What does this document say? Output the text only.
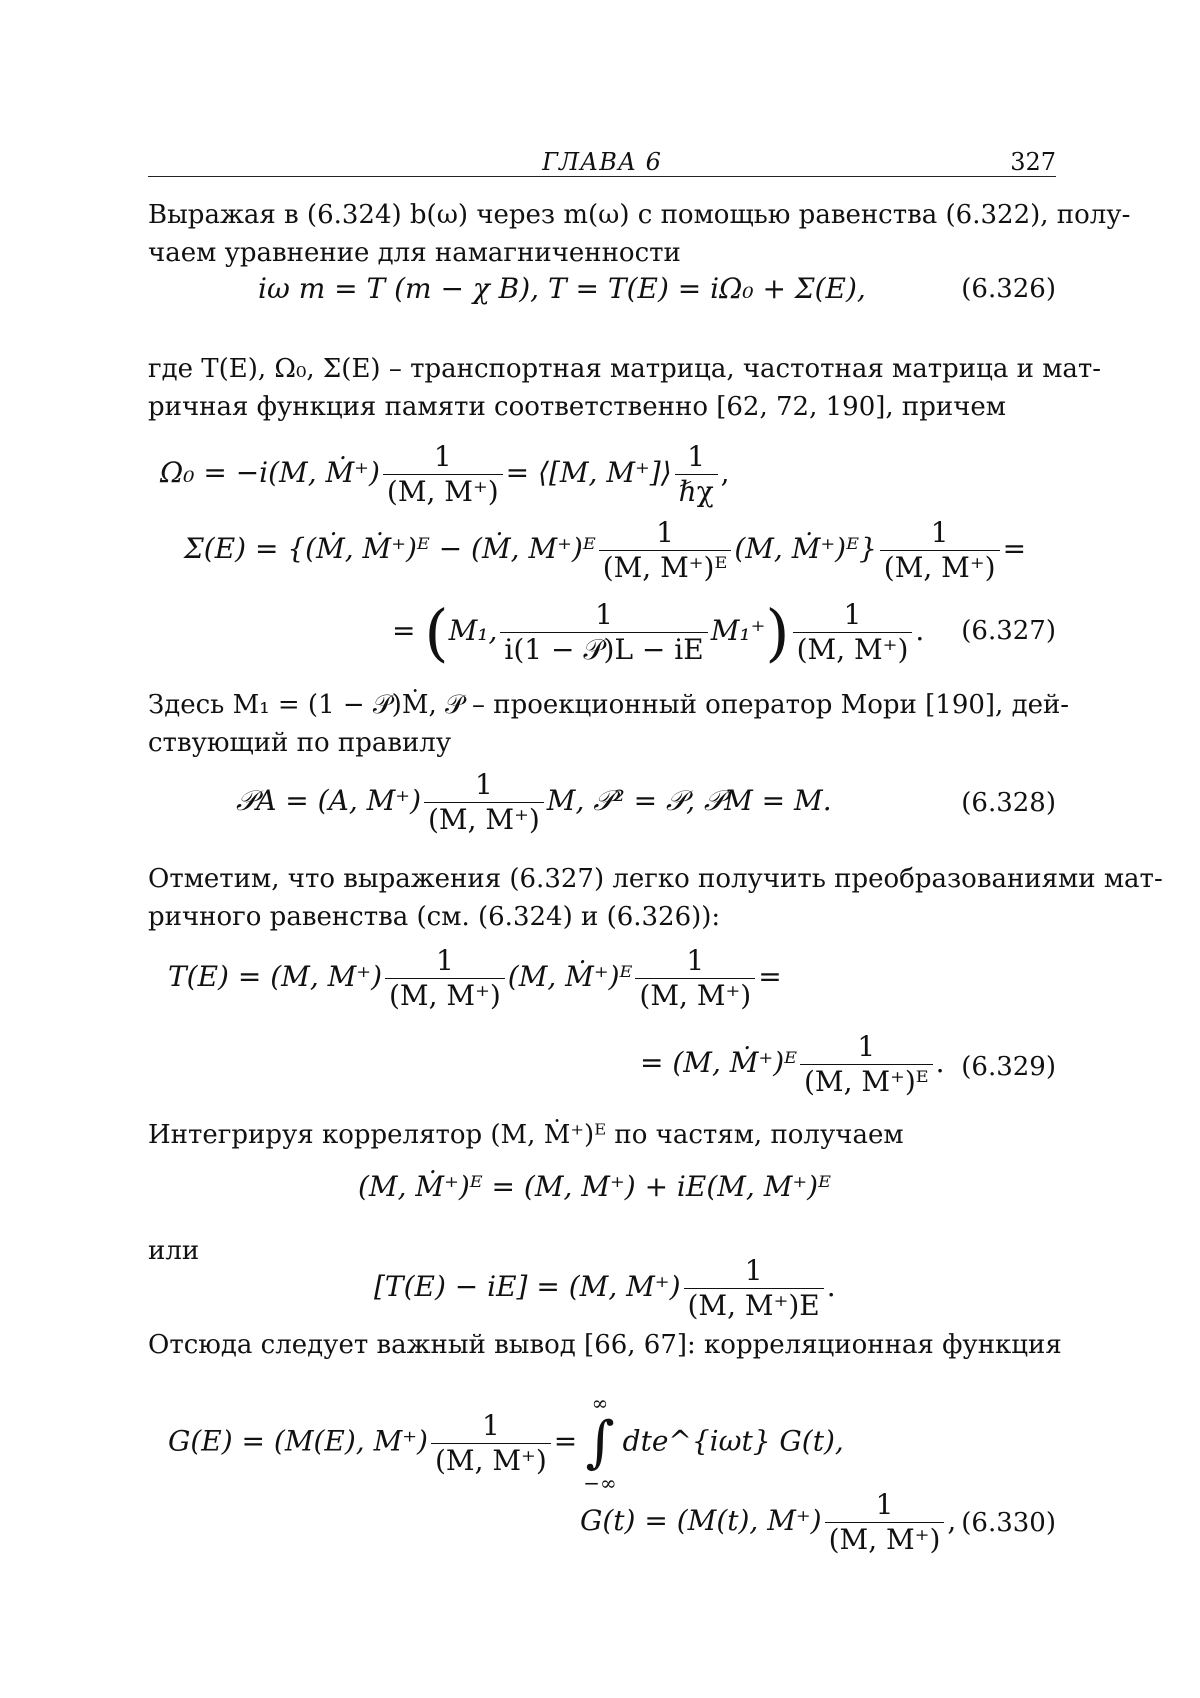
ГЛАВА 6	327

Выражая в (6.324) b(ω) через m(ω) с помощью равенства (6.322), полу-
чаем уравнение для намагниченности

iω m = T (m − χ B), T = T(E) = iΩ₀ + Σ(E),	(6.326)

где T(E), Ω₀, Σ(E) – транспортная матрица, частотная матрица и мат-
ричная функция памяти соответственно [62, 72, 190], причем

Ω₀ = −i(M, Ṁ⁺) $\frac{1}{(M, M^+)}$ = ⟨[M, M⁺]⟩ $\frac{1}{\text{ℏχ}}$ ,
Σ(E) = {(Ṁ, Ṁ⁺)ᴱ − (Ṁ, M⁺)ᴱ $\frac{1}{\text{(M, M⁺)ᴱ}} (M$, Ṁ⁺)ᴱ} $\frac{1}{(M, M^+)}$ =
= (M₁, $\frac{1}{\text{i(1 − 𝒫)L − iE}} M_1^+) \frac{1}{(M, M^+)}$ . (6.327)

Здесь M₁ = (1 − 𝒫)Ṁ, 𝒫 – проекционный оператор Мори [190], дей-
ствующий по правилу

𝒫A = (A, $M^+) \frac{1}{(M, M^+)} M$, 𝒫² = 𝒫, 𝒫M = M.	(6.328)

Отметим, что выражения (6.327) легко получить преобразованиями мат-
ричного равенства (см. (6.324) и (6.326)):

T(E) = (M, $M^+) \frac{1}{(M, M^+)} (M$, Ṁ⁺)ᴱ $\frac{1}{(M, M^+)}$ =
= (M, Ṁ⁺)ᴱ $\frac{1}{\text{(M, M⁺)ᴱ}}$ . (6.329)

Интегрируя коррелятор (M, Ṁ⁺)ᴱ по частям, получаем

(M, Ṁ⁺)ᴱ = (M, M⁺) + iE(M, M⁺)ᴱ

или

[T(E) − iE] = (M, $M^+) \frac{1}{(M, M^+)E}$ .

Отсюда следует важный вывод [66, 67]: корреляционная функция

G(E) = (M(E), $M^+) \frac{1}{(M, M^+)}$ =∞
∫
−∞dte^{iωt} G(t),
G(t) = (M(t), $M^+) \frac{1}{(M, M^+)}$ , (6.330)
